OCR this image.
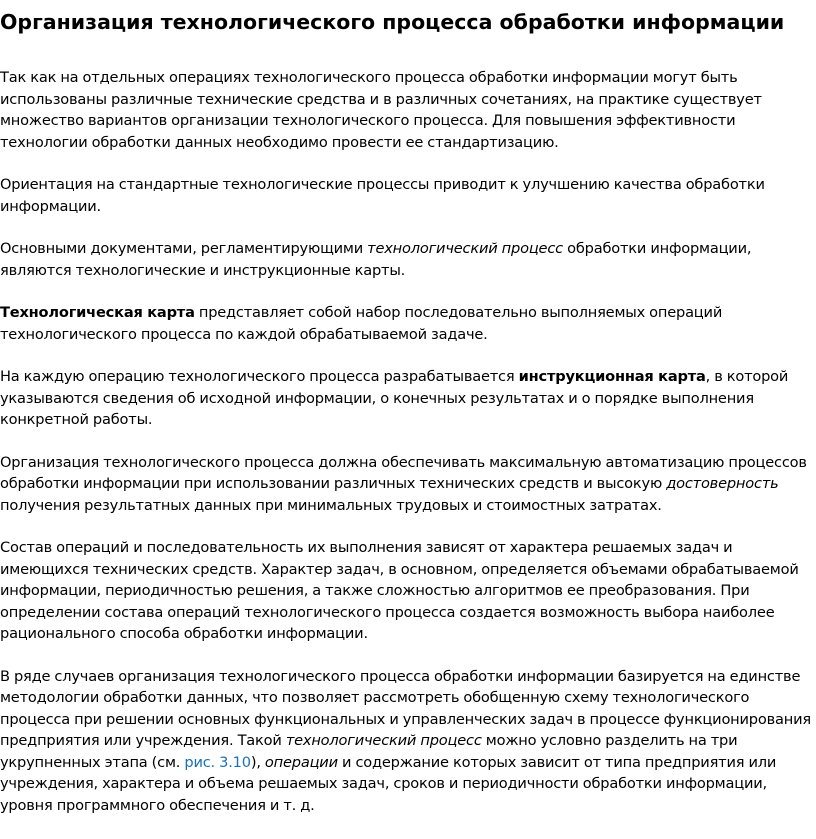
Организация технологического процесса обработки информации

Так как на отдельных операциях технологического процесса обработки информации могут быть использованы различные технические средства и в различных сочетаниях, на практике существует множество вариантов организации технологического процесса. Для повышения эффективности технологии обработки данных необходимо провести ее стандартизацию.

Ориентация на стандартные технологические процессы приводит к улучшению качества обработки информации.

Основными документами, регламентирующими технологический процесс обработки информации, являются технологические и инструкционные карты.

Технологическая карта представляет собой набор последовательно выполняемых операций технологического процесса по каждой обрабатываемой задаче.

На каждую операцию технологического процесса разрабатывается инструкционная карта, в которой указываются сведения об исходной информации, о конечных результатах и о порядке выполнения конкретной работы.

Организация технологического процесса должна обеспечивать максимальную автоматизацию процессов обработки информации при использовании различных технических средств и высокую достоверность получения результатных данных при минимальных трудовых и стоимостных затратах.

Состав операций и последовательность их выполнения зависят от характера решаемых задач и имеющихся технических средств. Характер задач, в основном, определяется объемами обрабатываемой информации, периодичностью решения, а также сложностью алгоритмов ее преобразования. При определении состава операций технологического процесса создается возможность выбора наиболее рационального способа обработки информации.

В ряде случаев организация технологического процесса обработки информации базируется на единстве методологии обработки данных, что позволяет рассмотреть обобщенную схему технологического процесса при решении основных функциональных и управленческих задач в процессе функционирования предприятия или учреждения. Такой технологический процесс можно условно разделить на три укрупненных этапа (см. рис. 3.10), операции и содержание которых зависит от типа предприятия или учреждения, характера и объема решаемых задач, сроков и периодичности обработки информации, уровня программного обеспечения и т. д.
